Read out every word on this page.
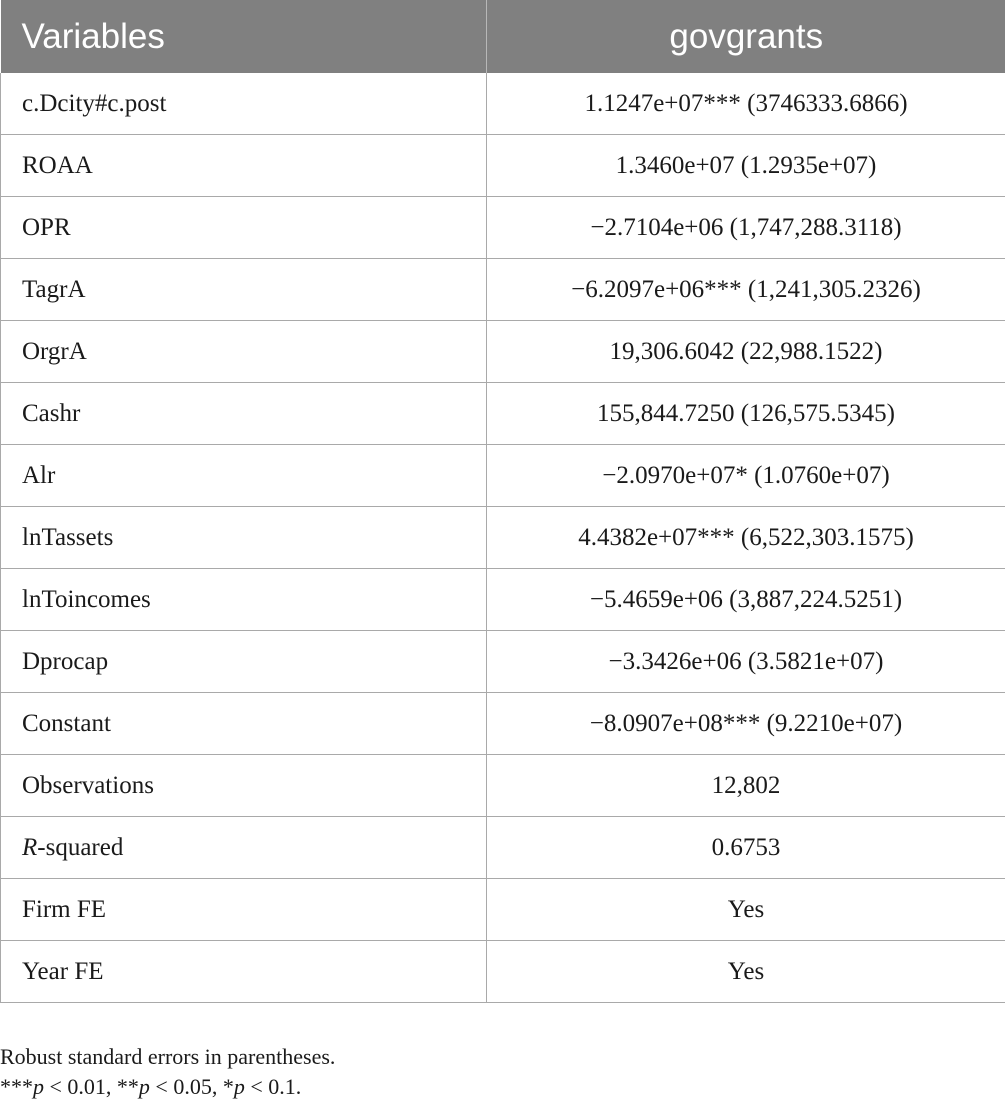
Variables	govgrants
c.Dcity#c.post	1.1247e+07*** (3746333.6866)
ROAA	1.3460e+07 (1.2935e+07)
OPR	−2.7104e+06 (1,747,288.3118)
TagrA	−6.2097e+06*** (1,241,305.2326)
OrgrA	19,306.6042 (22,988.1522)
Cashr	155,844.7250 (126,575.5345)
Alr	−2.0970e+07* (1.0760e+07)
lnTassets	4.4382e+07*** (6,522,303.1575)
lnToincomes	−5.4659e+06 (3,887,224.5251)
Dprocap	−3.3426e+06 (3.5821e+07)
Constant	−8.0907e+08*** (9.2210e+07)
Observations	12,802
R-squared	0.6753
Firm FE	Yes
Year FE	Yes

Robust standard errors in parentheses.

***p < 0.01, **p < 0.05, *p < 0.1.
